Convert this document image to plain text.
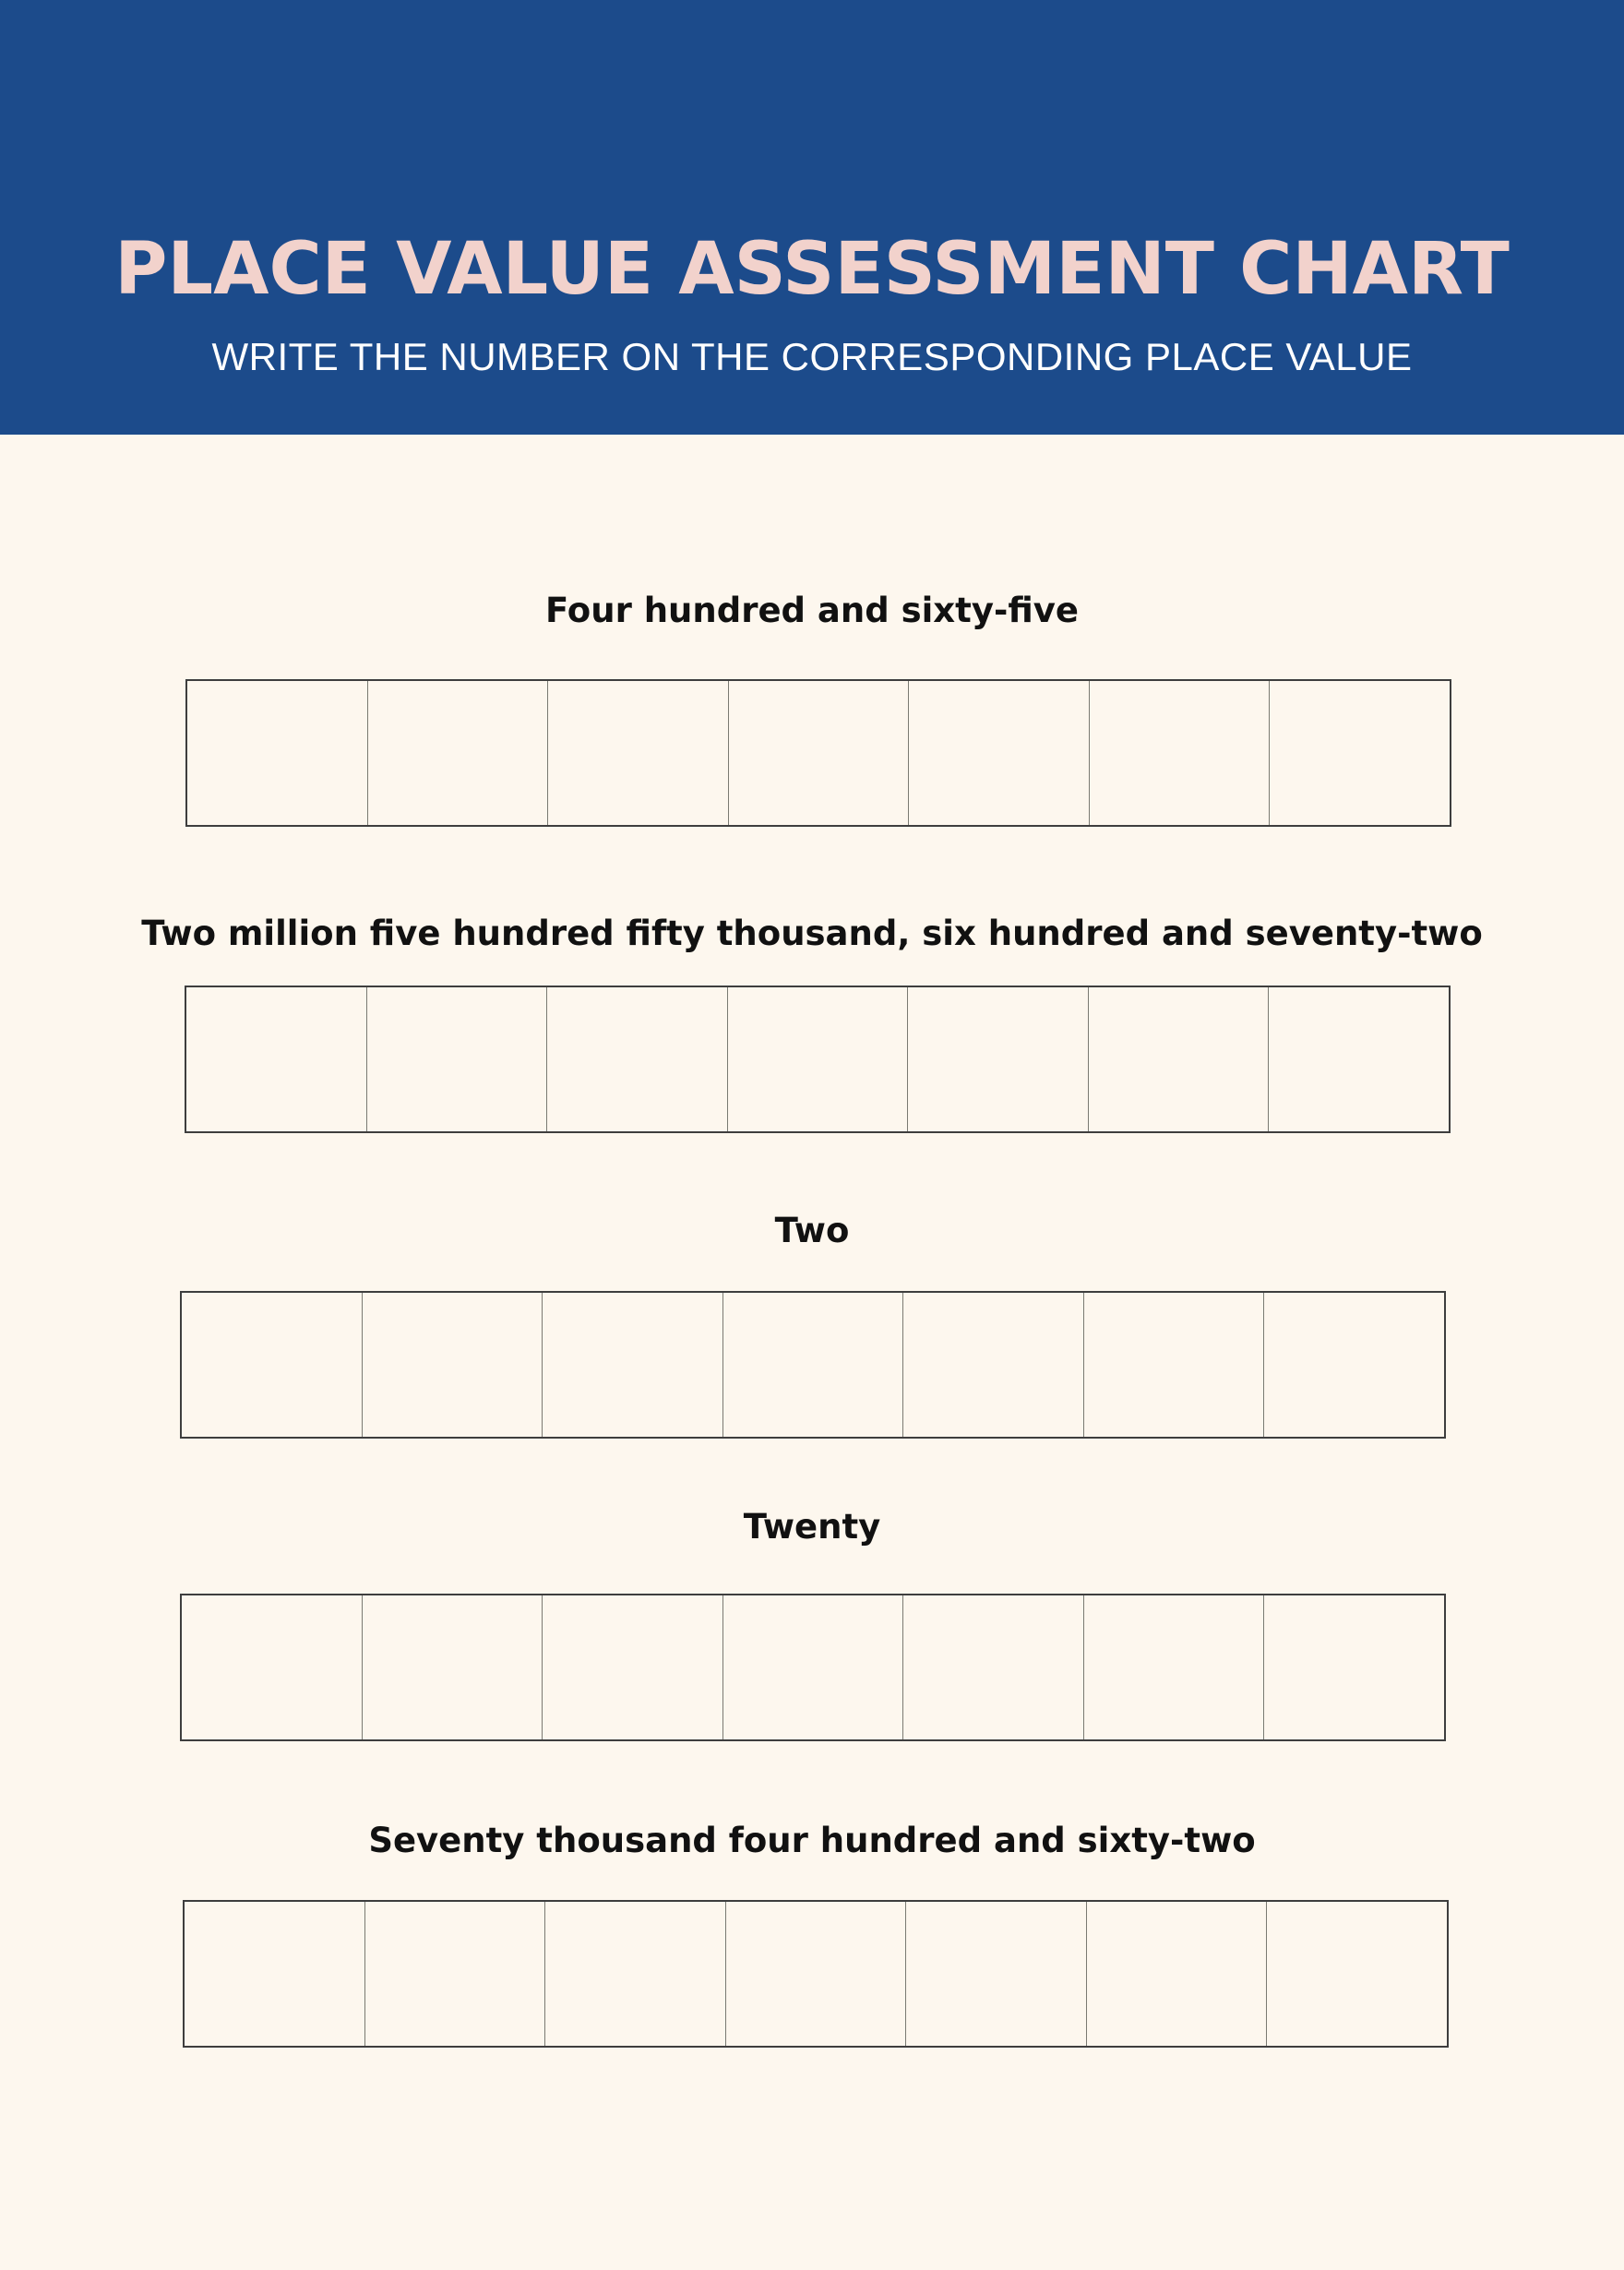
PLACE VALUE ASSESSMENT CHART
WRITE THE NUMBER ON THE CORRESPONDING PLACE VALUE
Four hundred and sixty-five
Two million five hundred fifty thousand, six hundred and seventy-two
Two
Twenty
Seventy thousand four hundred and sixty-two
